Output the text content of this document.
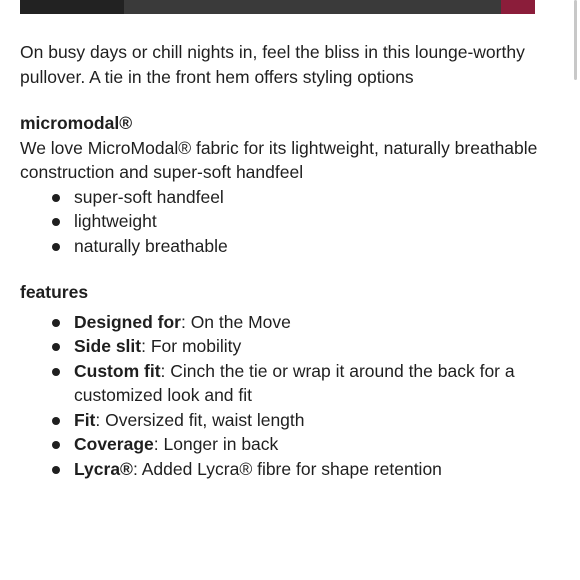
On busy days or chill nights in, feel the bliss in this lounge-worthy pullover. A tie in the front hem offers styling options

micromodal®

We love MicroModal® fabric for its lightweight, naturally breathable construction and super-soft handfeel

super-soft handfeel
lightweight
naturally breathable
features
Designed for: On the Move
Side slit: For mobility
Custom fit: Cinch the tie or wrap it around the back for a customized look and fit
Fit: Oversized fit, waist length
Coverage: Longer in back
Lycra®: Added Lycra® fibre for shape retention
